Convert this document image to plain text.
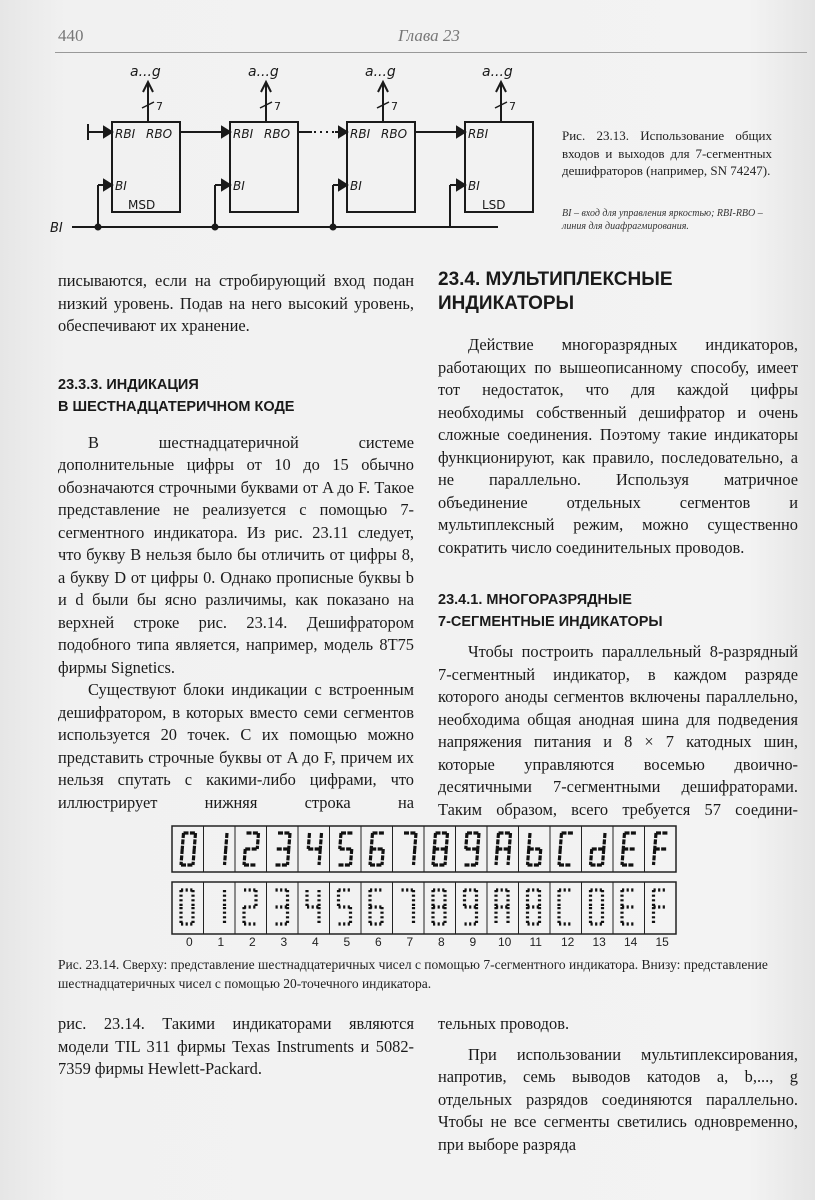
440	Глава 23
a...g	a...g	a...g	a...g
7	7	7	7
RBI RBO	RBI RBO	RBI RBO	RBI
BI	BI	BI	BI
MSD	LSD
BI
Рис. 23.13. Использование общих входов и выходов для 7-сегментных дешифраторов (например, SN 74247).
BI – вход для управления яркостью; RBI-RBO – линия для диафрагмирования.

писываются, если на стробирующий вход подан низкий уровень. Подав на него высокий уровень, обеспечивают их хранение.

23.3.3. ИНДИКАЦИЯ
В ШЕСТНАДЦАТЕРИЧНОМ КОДЕ

В шестнадцатеричной системе дополнительные цифры от 10 до 15 обычно обозначаются строчными буквами от A до F. Такое представление не реализуется с помощью 7-сегментного индикатора. Из рис. 23.11 следует, что букву B нельзя было бы отличить от цифры 8, а букву D от цифры 0. Однако прописные буквы b и d были бы ясно различимы, как показано на верхней строке рис. 23.14. Дешифратором подобного типа является, например, модель 8T75 фирмы Signetics.

Существуют блоки индикации с встроенным дешифратором, в которых вместо семи сегментов используется 20 точек. С их помощью можно представить строчные буквы от A до F, причем их нельзя спутать с какими-либо цифрами, что иллюстрирует нижняя строка на

23.4. МУЛЬТИПЛЕКСНЫЕ ИНДИКАТОРЫ

Действие многоразрядных индикаторов, работающих по вышеописанному способу, имеет тот недостаток, что для каждой цифры необходимы собственный дешифратор и очень сложные соединения. Поэтому такие индикаторы функционируют, как правило, последовательно, а не параллельно. Используя матричное объединение отдельных сегментов и мультиплексный режим, можно существенно сократить число соединительных проводов.

23.4.1. МНОГОРАЗРЯДНЫЕ
7-СЕГМЕНТНЫЕ ИНДИКАТОРЫ

Чтобы построить параллельный 8-разрядный 7-сегментный индикатор, в каждом разряде которого аноды сегментов включены параллельно, необходима общая анодная шина для подведения напряжения питания и 8 × 7 катодных шин, которые управляются восемью двоично-десятичными 7-сегментными дешифраторами. Таким образом, всего требуется 57 соедини-

0 1 2 3 4 5 6 7 8 9 10 11 12 13 14 15
Рис. 23.14. Сверху: представление шестнадцатеричных чисел с помощью 7-сегментного индикатора. Внизу: представление шестнадцатеричных чисел с помощью 20-точечного индикатора.

рис. 23.14. Такими индикаторами являются модели TIL 311 фирмы Texas Instruments и 5082-7359 фирмы Hewlett-Packard.

тельных проводов.

При использовании мультиплексирования, напротив, семь выводов катодов a, b,..., g отдельных разрядов соединяются параллельно. Чтобы не все сегменты светились одновременно, при выборе разряда
